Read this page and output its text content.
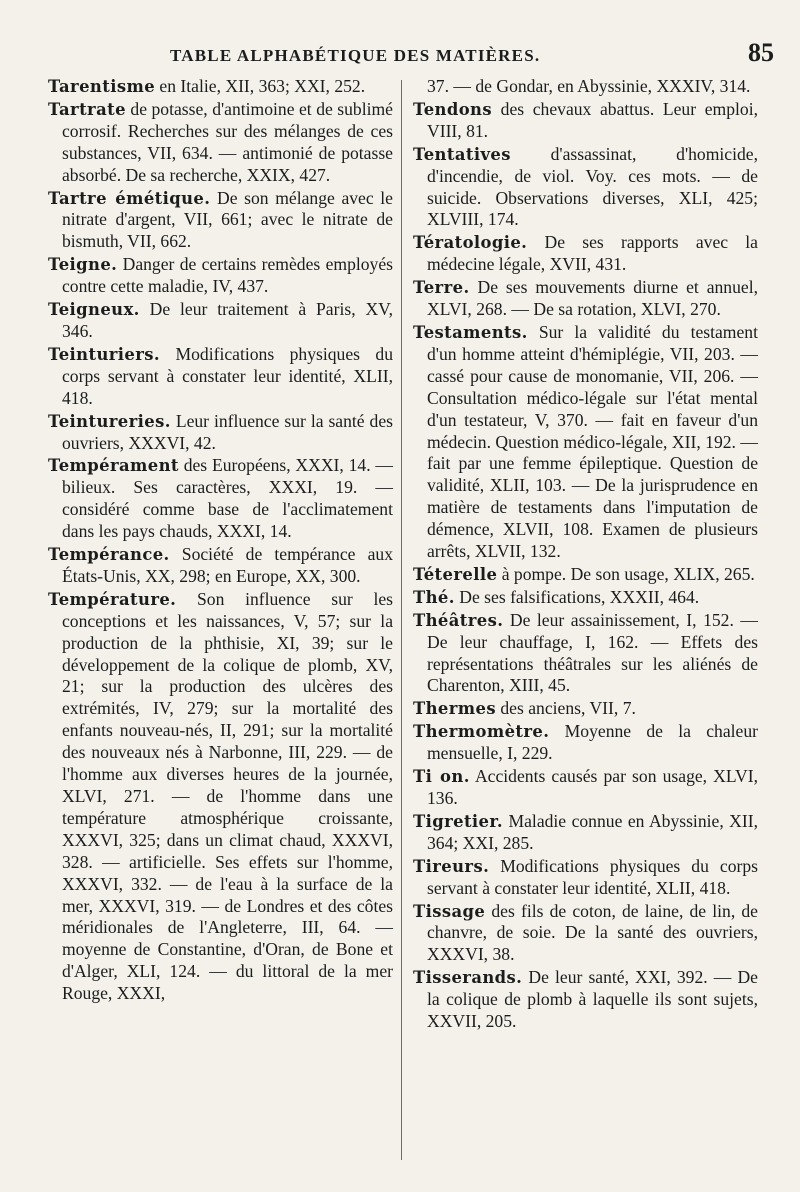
TABLE ALPHABÉTIQUE DES MATIÈRES.	85
Tarentisme en Italie, XII, 363; XXI, 252.
Tartrate de potasse, d'antimoine et de sublimé corrosif. Recherches sur des mélanges de ces substances, VII, 634. — antimonié de potasse absorbé. De sa recherche, XXIX, 427.
Tartre émétique. De son mélange avec le nitrate d'argent, VII, 661; avec le nitrate de bismuth, VII, 662.
Teigne. Danger de certains remèdes employés contre cette maladie, IV, 437.
Teigneux. De leur traitement à Paris, XV, 346.
Teinturiers. Modifications physiques du corps servant à constater leur identité, XLII, 418.
Teintureries. Leur influence sur la santé des ouvriers, XXXVI, 42.
Tempérament des Européens, XXXI, 14. — bilieux. Ses caractères, XXXI, 19. — considéré comme base de l'acclimatement dans les pays chauds, XXXI, 14.
Tempérance. Société de tempérance aux États-Unis, XX, 298; en Europe, XX, 300.
Température. Son influence sur les conceptions et les naissances, V, 57; sur la production de la phthisie, XI, 39; sur le développement de la colique de plomb, XV, 21; sur la production des ulcères des extrémités, IV, 279; sur la mortalité des enfants nouveau-nés, II, 291; sur la mortalité des nouveaux nés à Narbonne, III, 229. — de l'homme aux diverses heures de la journée, XLVI, 271. — de l'homme dans une température atmosphérique croissante, XXXVI, 325; dans un climat chaud, XXXVI, 328. — artificielle. Ses effets sur l'homme, XXXVI, 332. — de l'eau à la surface de la mer, XXXVI, 319. — de Londres et des côtes méridionales de l'Angleterre, III, 64. — moyenne de Constantine, d'Oran, de Bone et d'Alger, XLI, 124. — du littoral de la mer Rouge, XXXI,
37. — de Gondar, en Abyssinie, XXXIV, 314.
Tendons des chevaux abattus. Leur emploi, VIII, 81.
Tentatives d'assassinat, d'homicide, d'incendie, de viol. Voy. ces mots. — de suicide. Observations diverses, XLI, 425; XLVIII, 174.
Tératologie. De ses rapports avec la médecine légale, XVII, 431.
Terre. De ses mouvements diurne et annuel, XLVI, 268. — De sa rotation, XLVI, 270.
Testaments. Sur la validité du testament d'un homme atteint d'hémiplégie, VII, 203. — cassé pour cause de monomanie, VII, 206. — Consultation médico-légale sur l'état mental d'un testateur, V, 370. — fait en faveur d'un médecin. Question médico-légale, XII, 192. — fait par une femme épileptique. Question de validité, XLII, 103. — De la jurisprudence en matière de testaments dans l'imputation de démence, XLVII, 108. Examen de plusieurs arrêts, XLVII, 132.
Téterelle à pompe. De son usage, XLIX, 265.
Thé. De ses falsifications, XXXII, 464.
Théâtres. De leur assainissement, I, 152. — De leur chauffage, I, 162. — Effets des représentations théâtrales sur les aliénés de Charenton, XIII, 45.
Thermes des anciens, VII, 7.
Thermomètre. Moyenne de la chaleur mensuelle, I, 229.
Ti on. Accidents causés par son usage, XLVI, 136.
Tigretier. Maladie connue en Abyssinie, XII, 364; XXI, 285.
Tireurs. Modifications physiques du corps servant à constater leur identité, XLII, 418.
Tissage des fils de coton, de laine, de lin, de chanvre, de soie. De la santé des ouvriers, XXXVI, 38.
Tisserands. De leur santé, XXI, 392. — De la colique de plomb à laquelle ils sont sujets, XXVII, 205.
